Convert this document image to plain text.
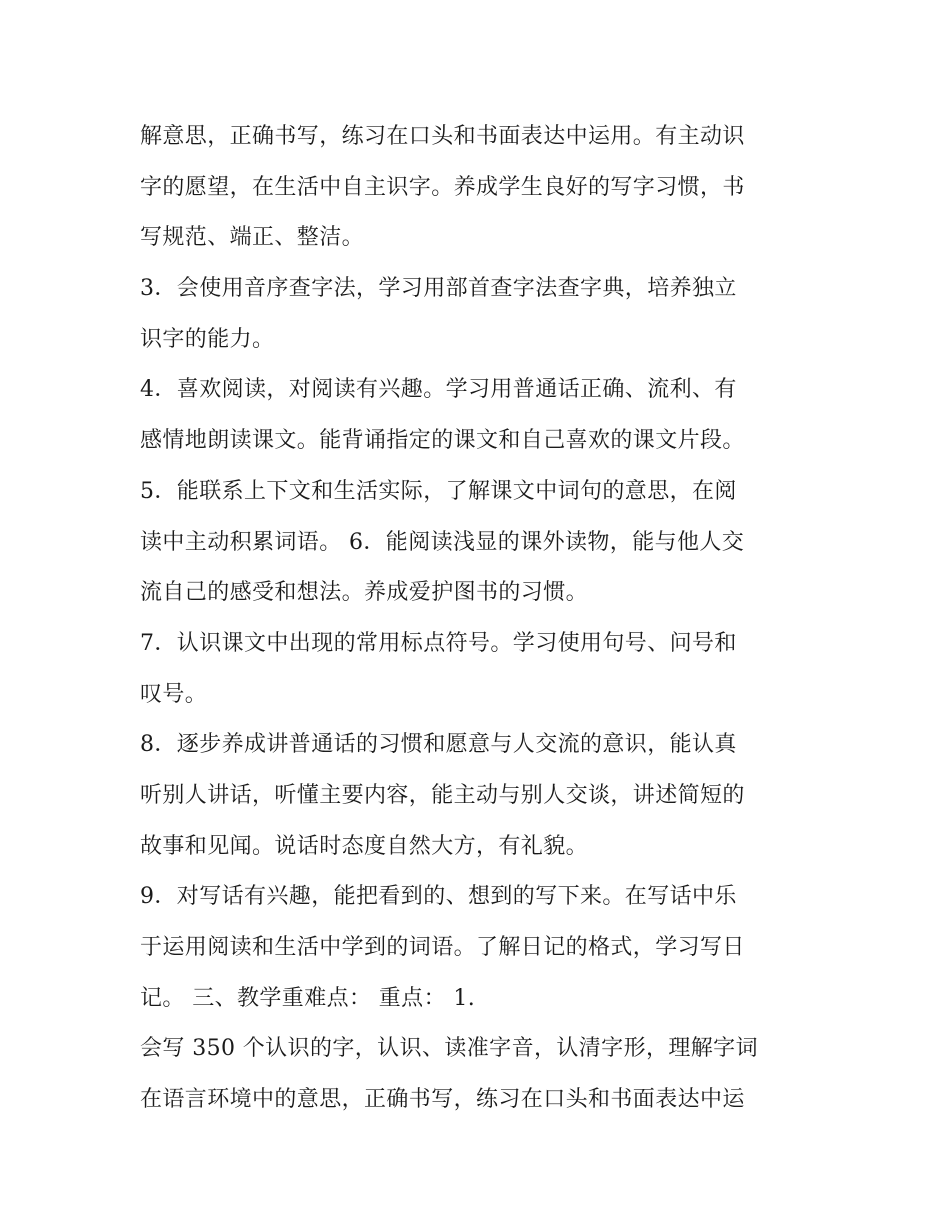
解意思，正确书写，练习在口头和书面表达中运用。有主动识
字的愿望，在生活中自主识字。养成学生良好的写字习惯，书
写规范、端正、整洁。
3．会使用音序查字法，学习用部首查字法查字典，培养独立
识字的能力。
4．喜欢阅读，对阅读有兴趣。学习用普通话正确、流利、有
感情地朗读课文。能背诵指定的课文和自己喜欢的课文片段。
5．能联系上下文和生活实际，了解课文中词句的意思，在阅
读中主动积累词语。 6．能阅读浅显的课外读物，能与他人交
流自己的感受和想法。养成爱护图书的习惯。
7．认识课文中出现的常用标点符号。学习使用句号、问号和
叹号。
8．逐步养成讲普通话的习惯和愿意与人交流的意识，能认真
听别人讲话，听懂主要内容，能主动与别人交谈，讲述简短的
故事和见闻。说话时态度自然大方，有礼貌。
9．对写话有兴趣，能把看到的、想到的写下来。在写话中乐
于运用阅读和生活中学到的词语。了解日记的格式，学习写日
记。 三、教学重难点： 重点： 1.
会写 350 个认识的字，认识、读准字音，认清字形，理解字词
在语言环境中的意思，正确书写，练习在口头和书面表达中运
